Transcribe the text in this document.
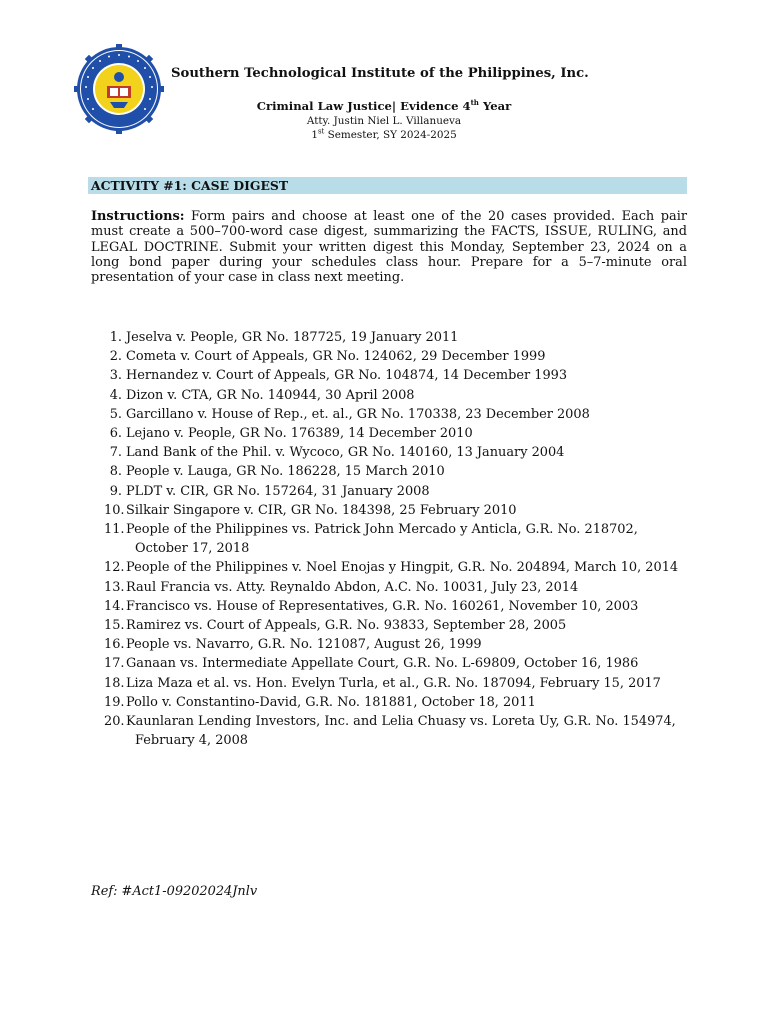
Southern Technological Institute of the Philippines, Inc.
Criminal Law Justice| Evidence 4th Year
Atty. Justin Niel L. Villanueva
1st Semester, SY 2024-2025
ACTIVITY #1: CASE DIGEST

Instructions: Form pairs and choose at least one of the 20 cases provided. Each pair must create a 500–700-word case digest, summarizing the FACTS, ISSUE, RULING, and LEGAL DOCTRINE. Submit your written digest this Monday, September 23, 2024 on a long bond paper during your schedules class hour. Prepare for a 5–7-minute oral presentation of your case in class next meeting.

1. Jeselva v. People, GR No. 187725, 19 January 2011
2. Cometa v. Court of Appeals, GR No. 124062, 29 December 1999
3. Hernandez v. Court of Appeals, GR No. 104874, 14 December 1993
4. Dizon v. CTA, GR No. 140944, 30 April 2008
5. Garcillano v. House of Rep., et. al., GR No. 170338, 23 December 2008
6. Lejano v. People, GR No. 176389, 14 December 2010
7. Land Bank of the Phil. v. Wycoco, GR No. 140160, 13 January 2004
8. People v. Lauga, GR No. 186228, 15 March 2010
9. PLDT v. CIR, GR No. 157264, 31 January 2008
10. Silkair Singapore v. CIR, GR No. 184398, 25 February 2010
11. People of the Philippines vs. Patrick John Mercado y Anticla, G.R. No. 218702, October 17, 2018
12. People of the Philippines v. Noel Enojas y Hingpit, G.R. No. 204894, March 10, 2014
13. Raul Francia vs. Atty. Reynaldo Abdon, A.C. No. 10031, July 23, 2014
14. Francisco vs. House of Representatives, G.R. No. 160261, November 10, 2003
15. Ramirez vs. Court of Appeals, G.R. No. 93833, September 28, 2005
16. People vs. Navarro, G.R. No. 121087, August 26, 1999
17. Ganaan vs. Intermediate Appellate Court, G.R. No. L-69809, October 16, 1986
18. Liza Maza et al. vs. Hon. Evelyn Turla, et al., G.R. No. 187094, February 15, 2017
19. Pollo v. Constantino-David, G.R. No. 181881, October 18, 2011
20. Kaunlaran Lending Investors, Inc. and Lelia Chuasy vs. Loreta Uy, G.R. No. 154974, February 4, 2008
Ref: #Act1-09202024Jnlv
